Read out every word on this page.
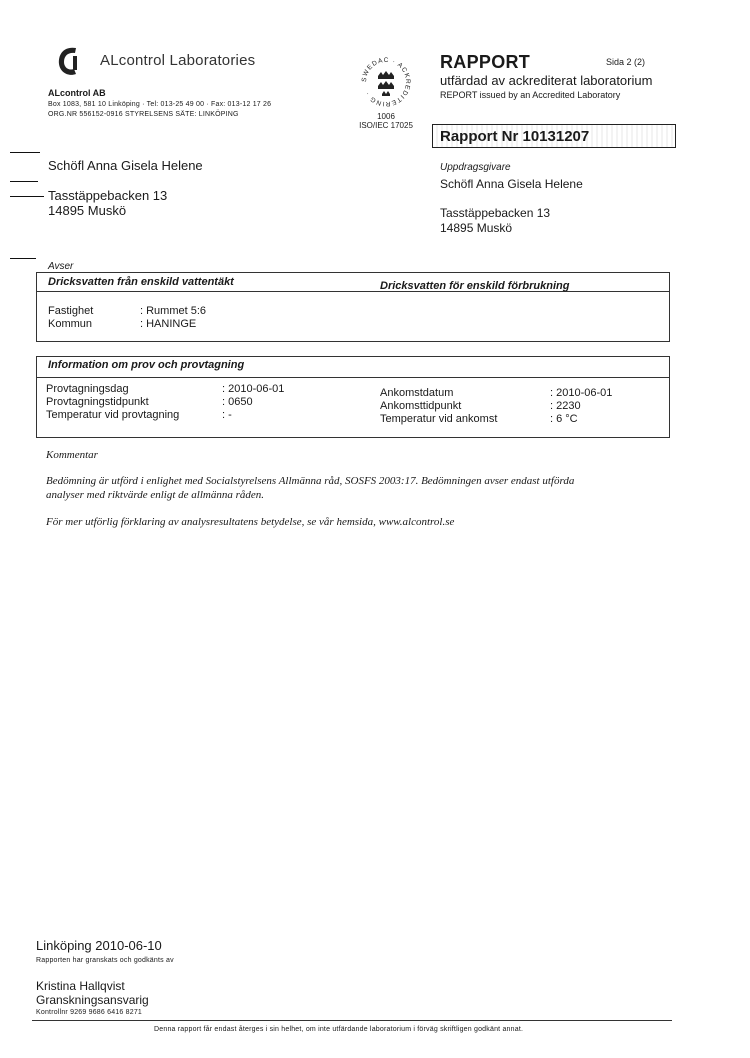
ALcontrol Laboratories
ALcontrol AB
Box 1083, 581 10 Linköping · Tel: 013-25 49 00 · Fax: 013-12 17 26
ORG.NR 556152-0916 STYRELSENS SÄTE: LINKÖPING
SWEDAC · ACKREDITERING ·
1006
ISO/IEC 17025
RAPPORT	Sida 2 (2)
utfärdad av ackrediterat laboratorium
REPORT issued by an Accredited Laboratory
Rapport Nr 10131207
Schöfl Anna Gisela Helene
Tasstäppebacken 13
14895 Muskö
Uppdragsgivare
Schöfl Anna Gisela Helene
Tasstäppebacken 13
14895 Muskö
Avser
Dricksvatten från enskild vattentäkt	Dricksvatten för enskild förbrukning
Fastighet	: Rummet 5:6
Kommun	: HANINGE
Information om prov och provtagning
Provtagningsdag	: 2010-06-01
Provtagningstidpunkt	: 0650
Temperatur vid provtagning	: -
Ankomstdatum	: 2010-06-01
Ankomsttidpunkt	: 2230
Temperatur vid ankomst	: 6 °C
Kommentar
Bedömning är utförd i enlighet med Socialstyrelsens Allmänna råd, SOSFS 2003:17. Bedömningen avser endast utförda
analyser med riktvärde enligt de allmänna råden.
För mer utförlig förklaring av analysresultatens betydelse, se vår hemsida, www.alcontrol.se
Linköping 2010-06-10
Rapporten har granskats och godkänts av
Kristina Hallqvist
Granskningsansvarig
Kontrollnr 9269 9686 6416 8271
Denna rapport får endast återges i sin helhet, om inte utfärdande laboratorium i förväg skriftligen godkänt annat.
